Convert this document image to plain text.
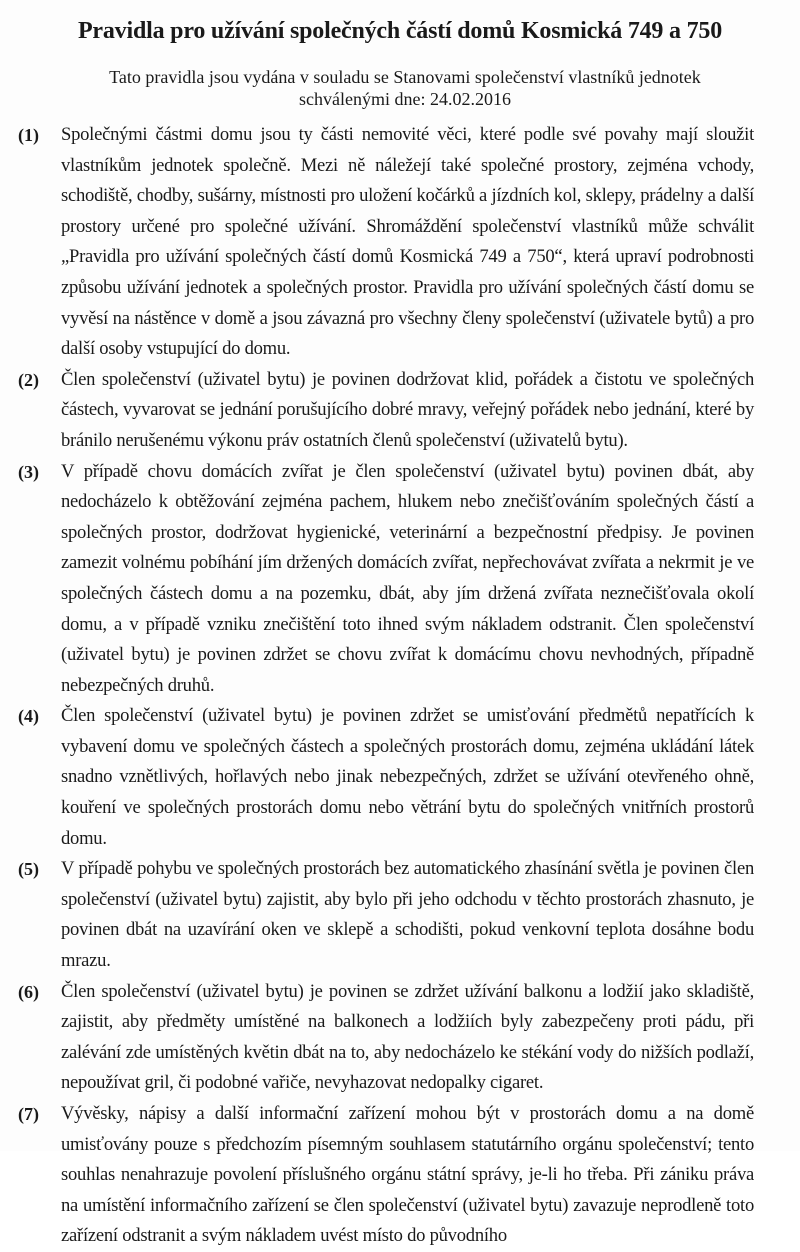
Pravidla pro užívání společných částí domů Kosmická 749 a 750
Tato pravidla jsou vydána v souladu se Stanovami společenství vlastníků jednotek
schválenými dne: 24.02.2016
(1)	Společnými částmi domu jsou ty části nemovité věci, které podle své povahy mají sloužit vlastníkům jednotek společně. Mezi ně náležejí také společné prostory, zejména vchody, schodiště, chodby, sušárny, místnosti pro uložení kočárků a jízdních kol, sklepy, prádelny a další prostory určené pro společné užívání. Shromáždění společenství vlastníků může schválit „Pravidla pro užívání společných částí domů Kosmická 749 a 750“, která upraví podrobnosti způsobu užívání jednotek a společných prostor. Pravidla pro užívání společných částí domu se vyvěsí na nástěnce v domě a jsou závazná pro všechny členy společenství (uživatele bytů) a pro další osoby vstupující do domu.
(2)	Člen společenství (uživatel bytu) je povinen dodržovat klid, pořádek a čistotu ve společných částech, vyvarovat se jednání porušujícího dobré mravy, veřejný pořádek nebo jednání, které by bránilo nerušenému výkonu práv ostatních členů společenství (uživatelů bytu).
(3)	V případě chovu domácích zvířat je člen společenství (uživatel bytu) povinen dbát, aby nedocházelo k obtěžování zejména pachem, hlukem nebo znečišťováním společných částí a společných prostor, dodržovat hygienické, veterinární a bezpečnostní předpisy. Je povinen zamezit volnému pobíhání jím držených domácích zvířat, nepřechovávat zvířata a nekrmit je ve společných částech domu a na pozemku, dbát, aby jím držená zvířata neznečišťovala okolí domu, a v případě vzniku znečištění toto ihned svým nákladem odstranit. Člen společenství (uživatel bytu) je povinen zdržet se chovu zvířat k domácímu chovu nevhodných, případně nebezpečných druhů.
(4)	Člen společenství (uživatel bytu) je povinen zdržet se umisťování předmětů nepatřících k vybavení domu ve společných částech a společných prostorách domu, zejména ukládání látek snadno vznětlivých, hořlavých nebo jinak nebezpečných, zdržet se užívání otevřeného ohně, kouření ve společných prostorách domu nebo větrání bytu do společných vnitřních prostorů domu.
(5)	V případě pohybu ve společných prostorách bez automatického zhasínání světla je povinen člen společenství (uživatel bytu) zajistit, aby bylo při jeho odchodu v těchto prostorách zhasnuto, je povinen dbát na uzavírání oken ve sklepě a schodišti, pokud venkovní teplota dosáhne bodu mrazu.
(6)	Člen společenství (uživatel bytu) je povinen se zdržet užívání balkonu a lodžií jako skladiště, zajistit, aby předměty umístěné na balkonech a lodžiích byly zabezpečeny proti pádu, při zalévání zde umístěných květin dbát na to, aby nedocházelo ke stékání vody do nižších podlaží, nepoužívat gril, či podobné vařiče, nevyhazovat nedopalky cigaret.
(7)	Vývěsky, nápisy a další informační zařízení mohou být v prostorách domu a na domě umisťovány pouze s předchozím písemným souhlasem statutárního orgánu společenství; tento souhlas nenahrazuje povolení příslušného orgánu státní správy, je-li ho třeba. Při zániku práva na umístění informačního zařízení se člen společenství (uživatel bytu) zavazuje neprodleně toto zařízení odstranit a svým nákladem uvést místo do původního
